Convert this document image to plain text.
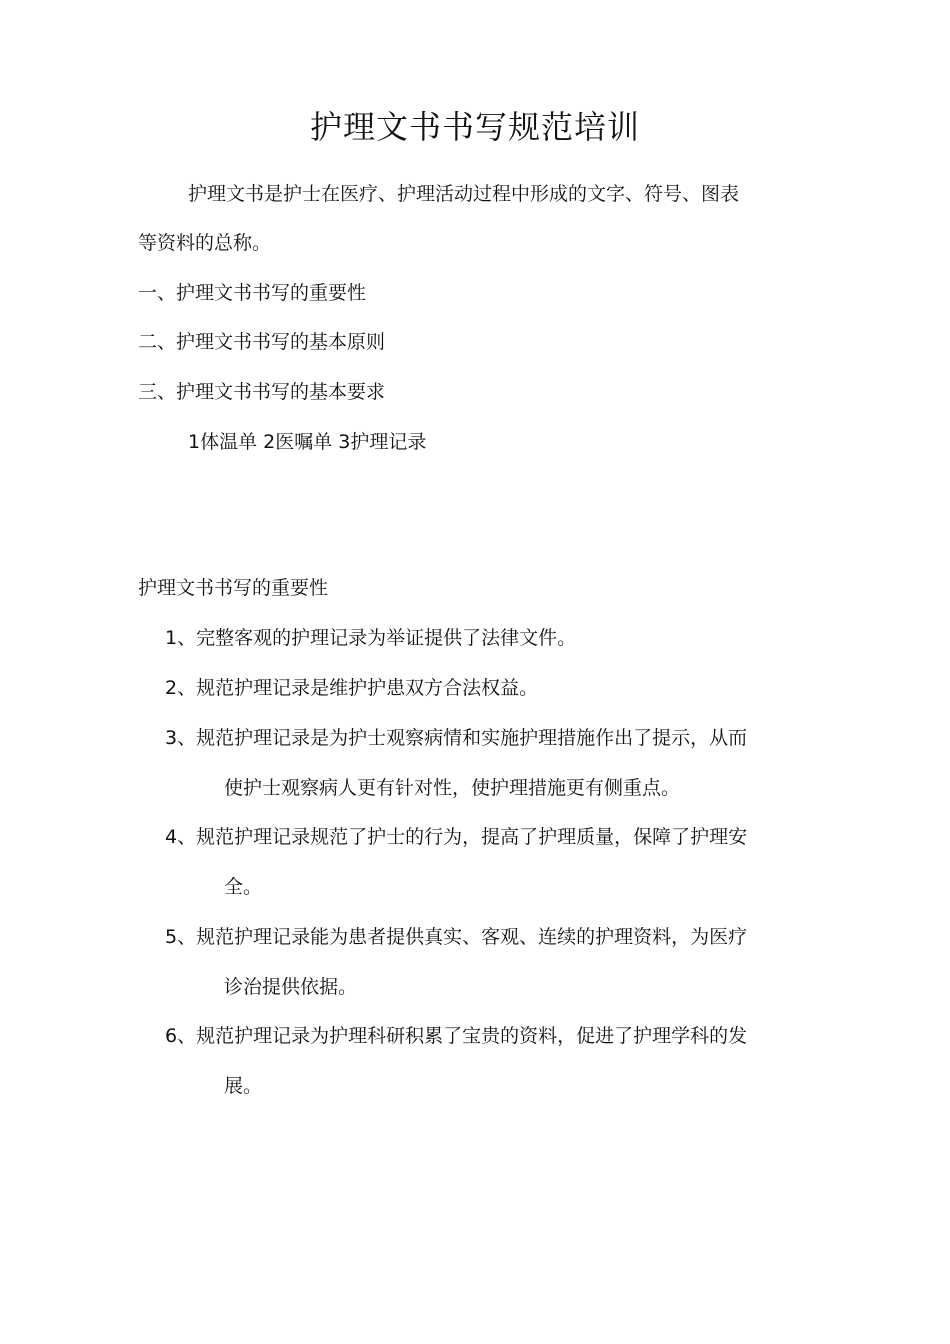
护理文书书写规范培训

护理文书是护士在医疗、护理活动过程中形成的文字、符号、图表

等资料的总称。

一、护理文书书写的重要性

二、护理文书书写的基本原则

三、护理文书书写的基本要求

1体温单 2医嘱单 3护理记录

护理文书书写的重要性

1、完整客观的护理记录为举证提供了法律文件。
2、规范护理记录是维护护患双方合法权益。
3、规范护理记录是为护士观察病情和实施护理措施作出了提示，从而
使护士观察病人更有针对性，使护理措施更有侧重点。
4、规范护理记录规范了护士的行为，提高了护理质量，保障了护理安
全。
5、规范护理记录能为患者提供真实、客观、连续的护理资料，为医疗
诊治提供依据。
6、规范护理记录为护理科研积累了宝贵的资料，促进了护理学科的发
展。
